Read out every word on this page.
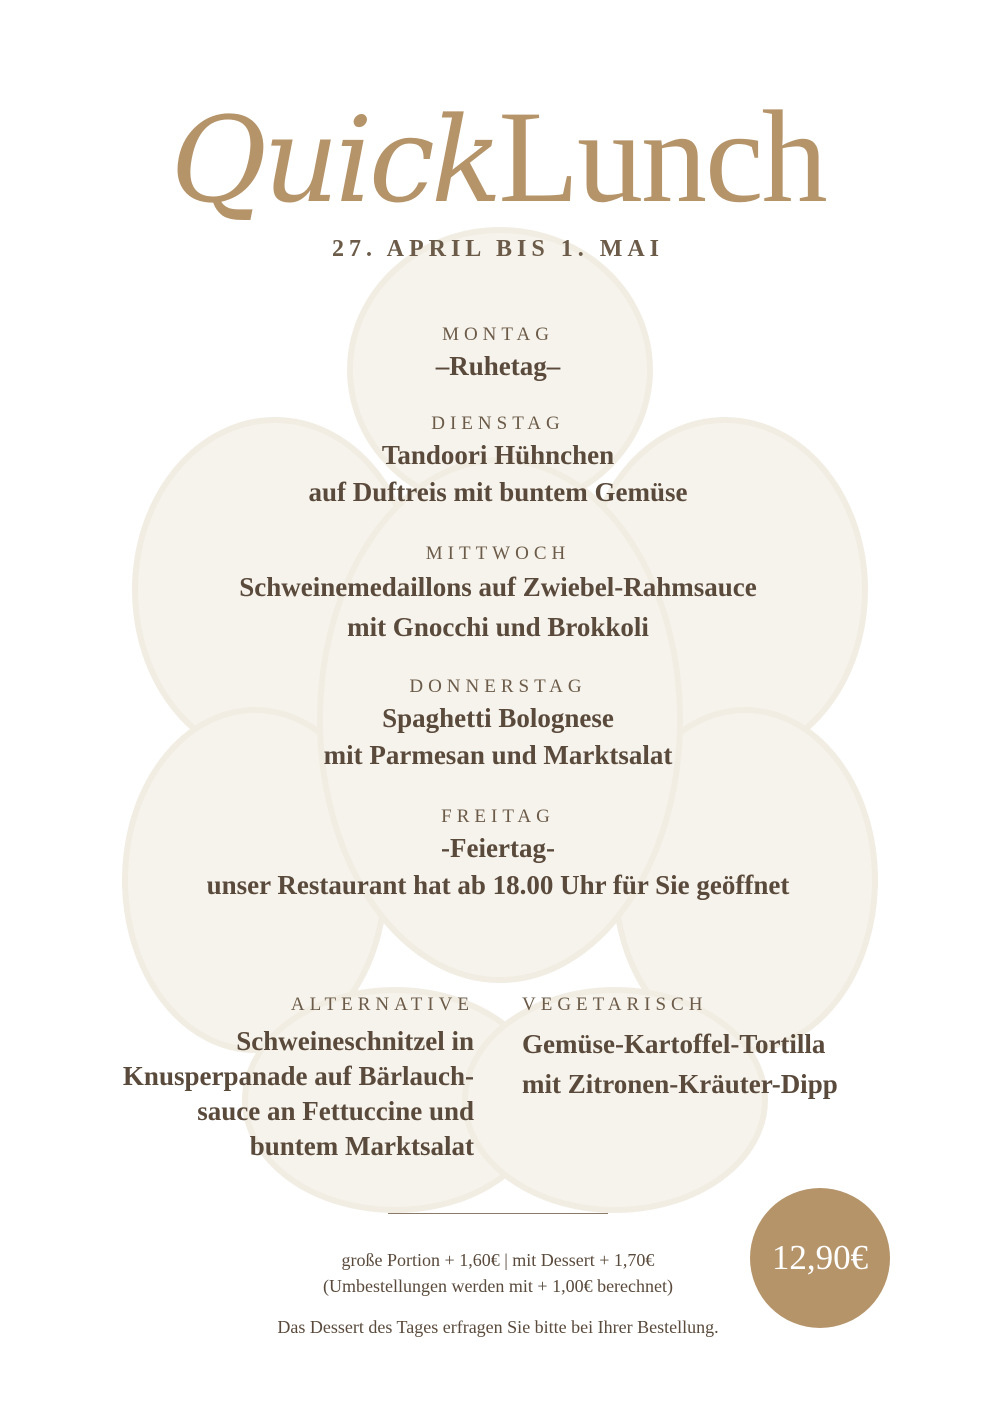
QuickLunch
27. APRIL BIS 1. MAI
MONTAG
–Ruhetag–
DIENSTAG
Tandoori Hühnchen
auf Duftreis mit buntem Gemüse
MITTWOCH
Schweinemedaillons auf Zwiebel-Rahmsauce
mit Gnocchi und Brokkoli
DONNERSTAG
Spaghetti Bolognese
mit Parmesan und Marktsalat
FREITAG
-Feiertag-
unser Restaurant hat ab 18.00 Uhr für Sie geöffnet
ALTERNATIVE
Schweineschnitzel in
Knusperpanade auf Bärlauch-
sauce an Fettuccine und
buntem Marktsalat
VEGETARISCH
Gemüse-Kartoffel-Tortilla
mit Zitronen-Kräuter-Dipp
große Portion + 1,60€ | mit Dessert + 1,70€
(Umbestellungen werden mit + 1,00€ berechnet)
Das Dessert des Tages erfragen Sie bitte bei Ihrer Bestellung.
12,90€
